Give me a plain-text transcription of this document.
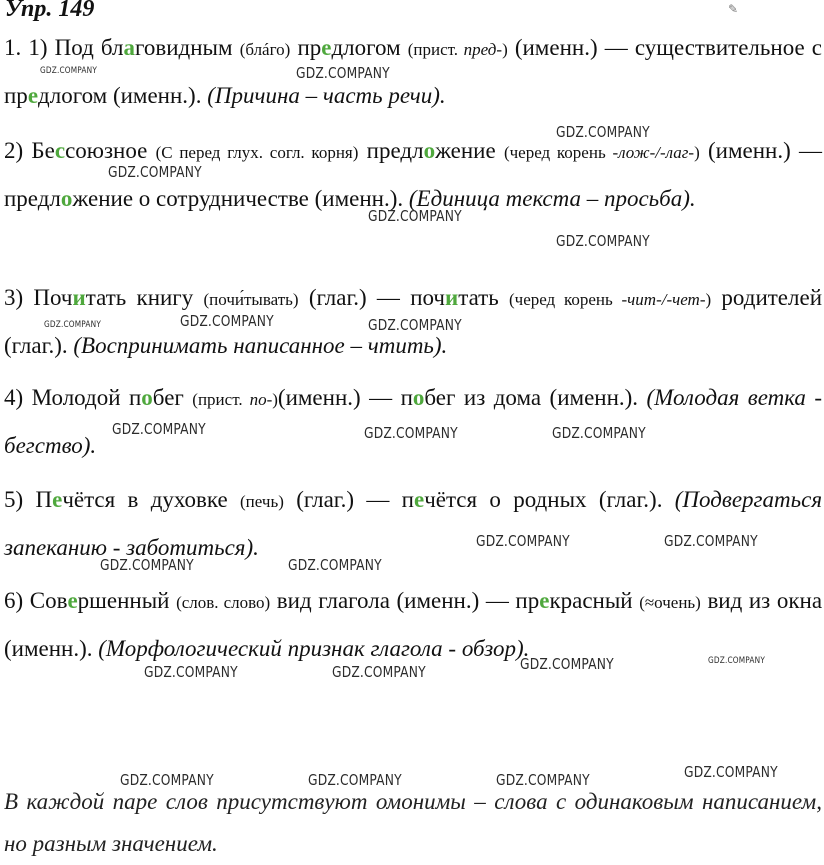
Упр. 149	✎
1. 1) Под благовидным (блáго) предлогом (прист. пред-) (именн.) — существительное с предлогом (именн.). (Причина – часть речи).
2) Бессоюзное (С перед глух. согл. корня) предложение (черед корень -лож-/-лаг-) (именн.) — предложение о сотрудничестве (именн.). (Единица текста – просьба).
3) Почитать книгу (почи́тывать) (глаг.) — почитать (черед корень -чит-/-чет-) родителей (глаг.). (Воспринимать написанное – чтить).
4) Молодой побег (прист. по-)(именн.) — побег из дома (именн.). (Молодая ветка - бегство).
5) Печётся в духовке (печь) (глаг.) — печётся о родных (глаг.). (Подвергаться запеканию - заботиться).
6) Совершенный (слов. слово) вид глагола (именн.) — прекрасный (≈очень) вид из окна (именн.). (Морфологический признак глагола - обзор).
В каждой паре слов присутствуют омонимы – слова с одинаковым написанием, но разным значением.
GDZ.COMPANY	GDZ.COMPANY
GDZ.COMPANY
GDZ.COMPANY
GDZ.COMPANY
GDZ.COMPANY
GDZ.COMPANY	GDZ.COMPANY	GDZ.COMPANY
GDZ.COMPANY	GDZ.COMPANY	GDZ.COMPANY
GDZ.COMPANY	GDZ.COMPANY
GDZ.COMPANY	GDZ.COMPANY
GDZ.COMPANY	GDZ.COMPANY	GDZ.COMPANY	GDZ.COMPANY
GDZ.COMPANY	GDZ.COMPANY	GDZ.COMPANY	GDZ.COMPANY
